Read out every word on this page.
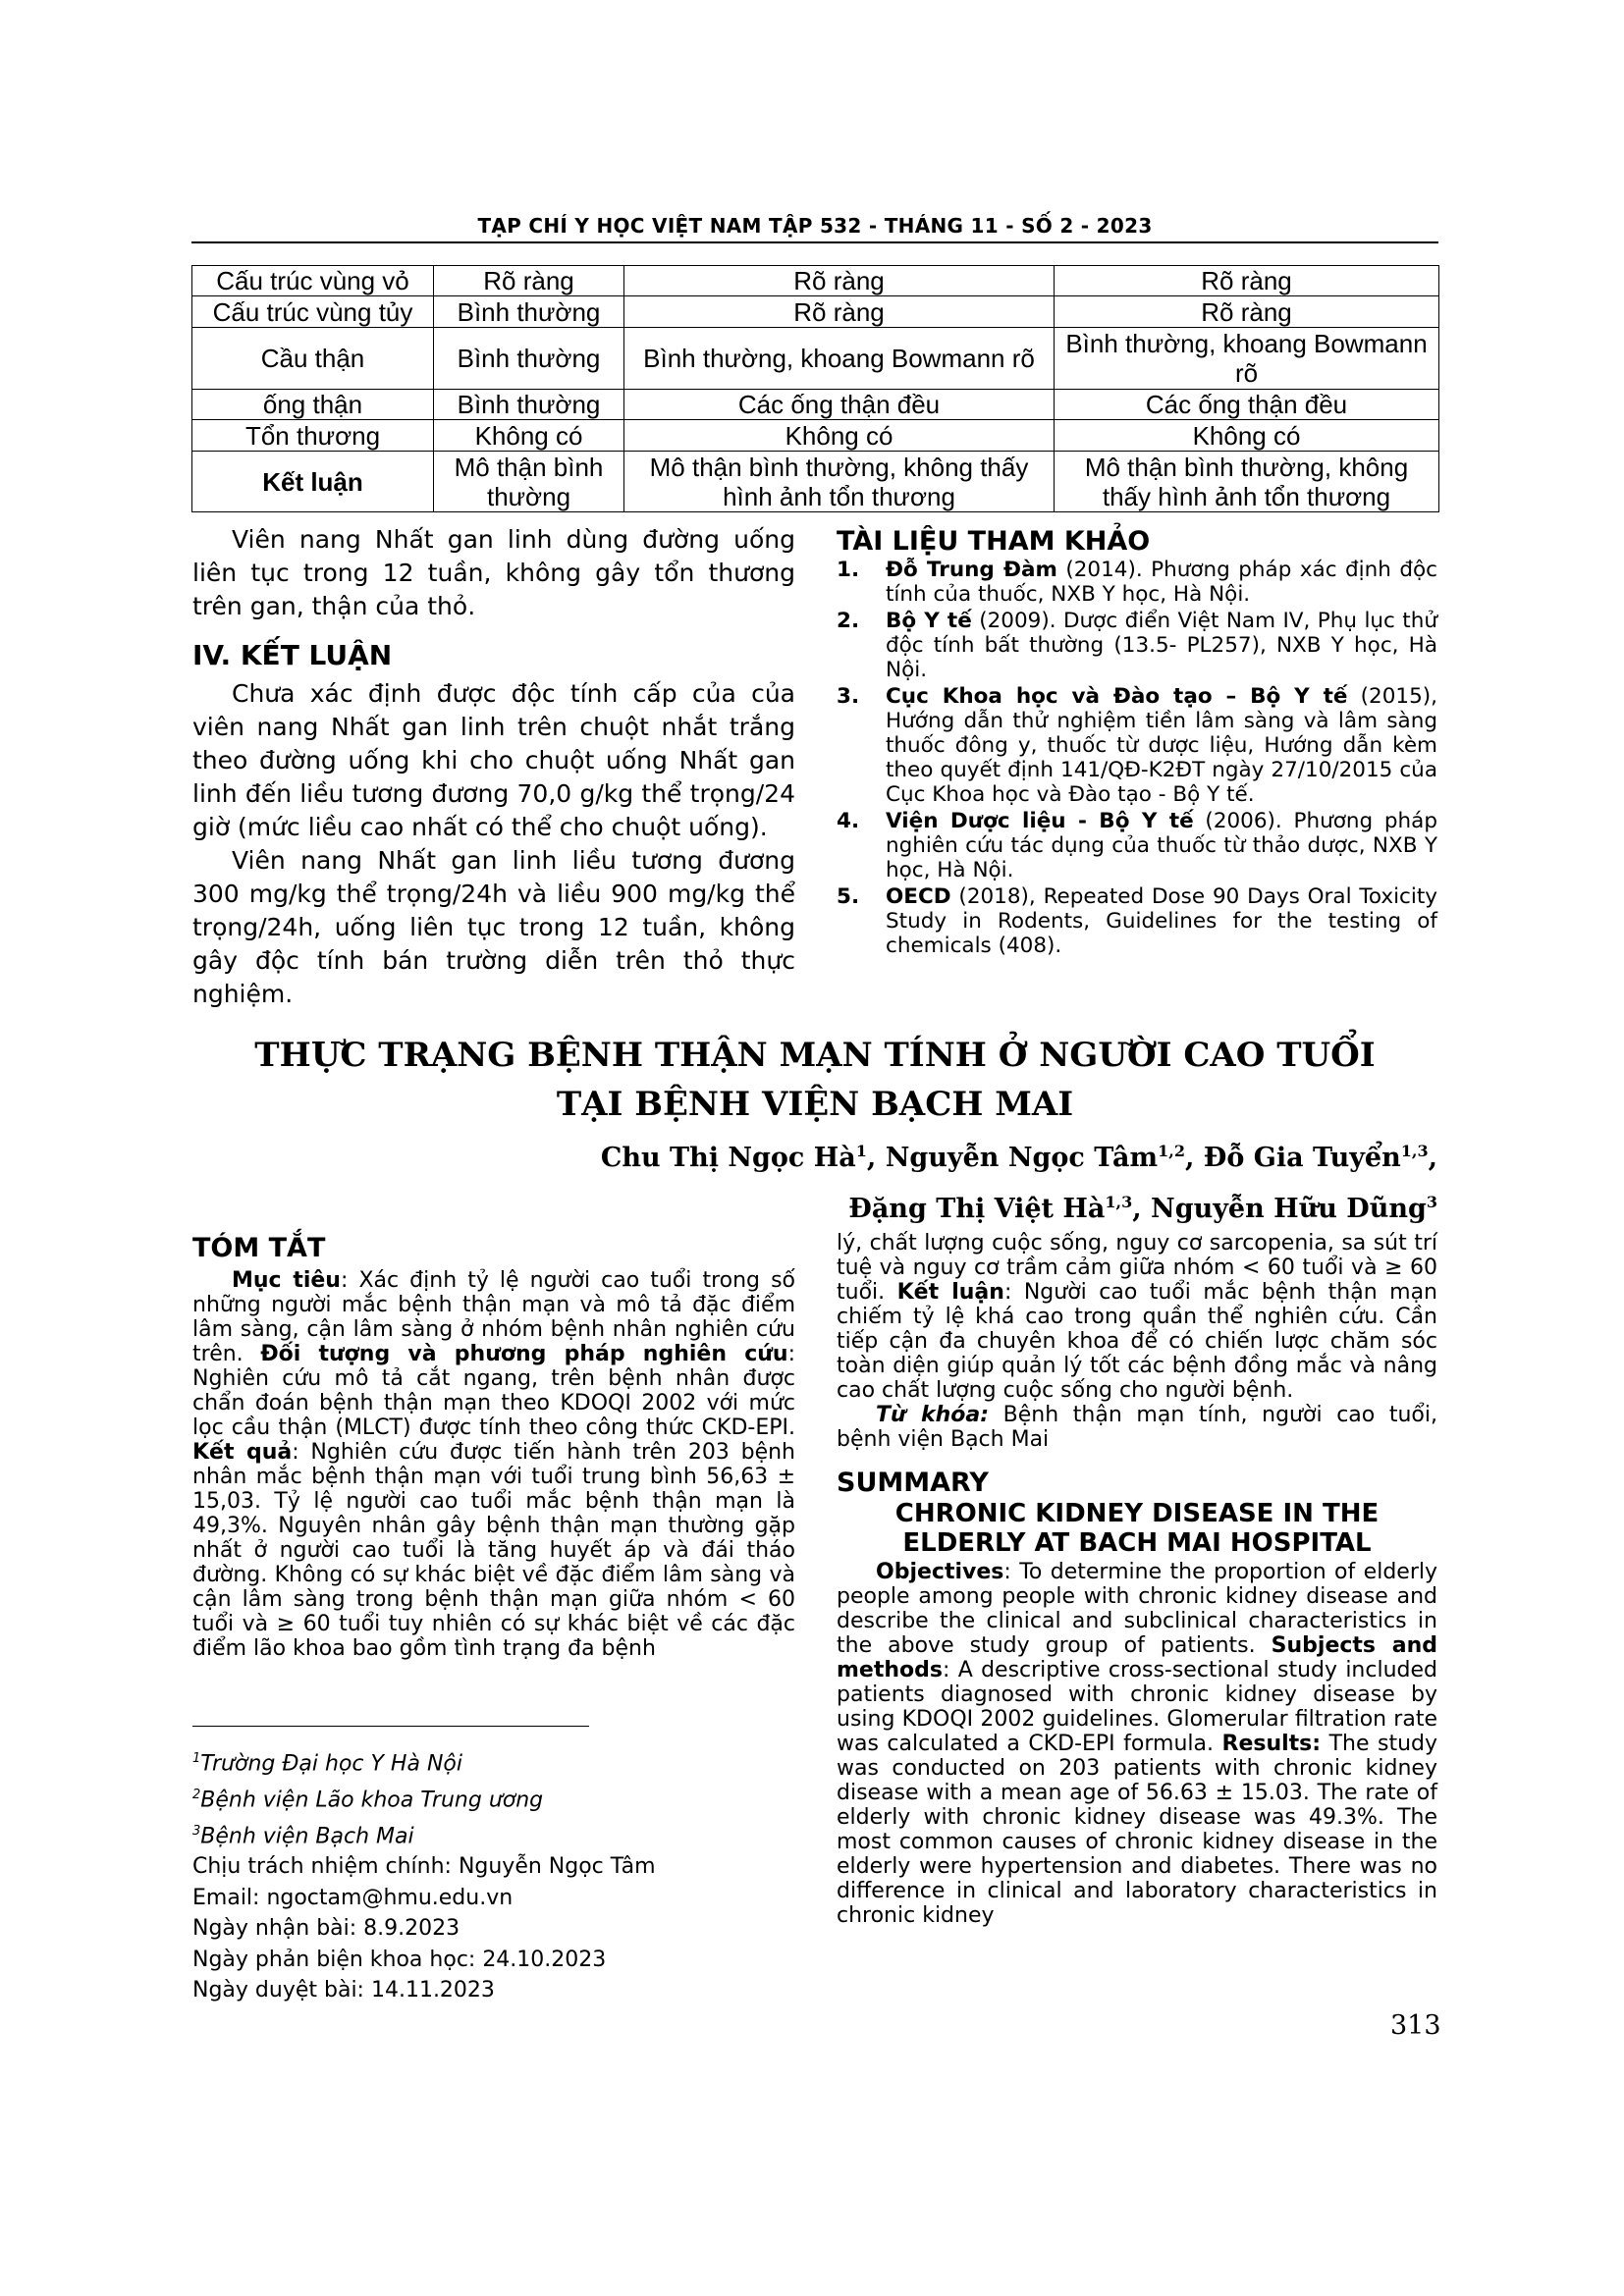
TẠP CHÍ Y HỌC VIỆT NAM TẬP 532 - THÁNG 11 - SỐ 2 - 2023
Cấu trúc vùng vỏ	Rõ ràng	Rõ ràng	Rõ ràng
Cấu trúc vùng tủy	Bình thường	Rõ ràng	Rõ ràng
Cầu thận	Bình thường	Bình thường, khoang Bowmann rõ	Bình thường, khoang Bowmann rõ
ống thận	Bình thường	Các ống thận đều	Các ống thận đều
Tổn thương	Không có	Không có	Không có
Kết luận	Mô thận bình thường	Mô thận bình thường, không thấy hình ảnh tổn thương	Mô thận bình thường, không thấy hình ảnh tổn thương

Viên nang Nhất gan linh dùng đường uống liên tục trong 12 tuần, không gây tổn thương trên gan, thận của thỏ.

IV. KẾT LUẬN

Chưa xác định được độc tính cấp của của viên nang Nhất gan linh trên chuột nhắt trắng theo đường uống khi cho chuột uống Nhất gan linh đến liều tương đương 70,0 g/kg thể trọng/24 giờ (mức liều cao nhất có thể cho chuột uống).

Viên nang Nhất gan linh liều tương đương 300 mg/kg thể trọng/24h và liều 900 mg/kg thể trọng/24h, uống liên tục trong 12 tuần, không gây độc tính bán trường diễn trên thỏ thực nghiệm.

TÀI LIỆU THAM KHẢO
1. Đỗ Trung Đàm (2014). Phương pháp xác định độc tính của thuốc, NXB Y học, Hà Nội.
2. Bộ Y tế (2009). Dược điển Việt Nam IV, Phụ lục thử độc tính bất thường (13.5- PL257), NXB Y học, Hà Nội.
3. Cục Khoa học và Đào tạo – Bộ Y tế (2015), Hướng dẫn thử nghiệm tiền lâm sàng và lâm sàng thuốc đông y, thuốc từ dược liệu, Hướng dẫn kèm theo quyết định 141/QĐ-K2ĐT ngày 27/10/2015 của Cục Khoa học và Đào tạo - Bộ Y tế.
4. Viện Dược liệu - Bộ Y tế (2006). Phương pháp nghiên cứu tác dụng của thuốc từ thảo dược, NXB Y học, Hà Nội.
5. OECD (2018), Repeated Dose 90 Days Oral Toxicity Study in Rodents, Guidelines for the testing of chemicals (408).
THỰC TRẠNG BỆNH THẬN MẠN TÍNH Ở NGƯỜI CAO TUỔI
TẠI BỆNH VIỆN BẠCH MAI
Chu Thị Ngọc $Hà^1$, Nguyễn Ngọc Tâm$^{1,2}$, Đỗ Gia Tuyển$^{1,3}$,
Đặng Thị Việt Hà$^{1,3}$, Nguyễn Hữu Dũng$^3$
TÓM TẮT

Mục tiêu: Xác định tỷ lệ người cao tuổi trong số những người mắc bệnh thận mạn và mô tả đặc điểm lâm sàng, cận lâm sàng ở nhóm bệnh nhân nghiên cứu trên. Đối tượng và phương pháp nghiên cứu: Nghiên cứu mô tả cắt ngang, trên bệnh nhân được chẩn đoán bệnh thận mạn theo KDOQI 2002 với mức lọc cầu thận (MLCT) được tính theo công thức CKD-EPI. Kết quả: Nghiên cứu được tiến hành trên 203 bệnh nhân mắc bệnh thận mạn với tuổi trung bình 56,63 ± 15,03. Tỷ lệ người cao tuổi mắc bệnh thận mạn là 49,3%. Nguyên nhân gây bệnh thận mạn thường gặp nhất ở người cao tuổi là tăng huyết áp và đái tháo đường. Không có sự khác biệt về đặc điểm lâm sàng và cận lâm sàng trong bệnh thận mạn giữa nhóm < 60 tuổi và ≥ 60 tuổi tuy nhiên có sự khác biệt về các đặc điểm lão khoa bao gồm tình trạng đa bệnh

$^1$Trường Đại học Y Hà Nội
$^2$Bệnh viện Lão khoa Trung ương
$^3$Bệnh viện Bạch Mai
Chịu trách nhiệm chính: Nguyễn Ngọc Tâm
Email: ngoctam@hmu.edu.vn
Ngày nhận bài: 8.9.2023
Ngày phản biện khoa học: 24.10.2023
Ngày duyệt bài: 14.11.2023

lý, chất lượng cuộc sống, nguy cơ sarcopenia, sa sút trí tuệ và nguy cơ trầm cảm giữa nhóm < 60 tuổi và ≥ 60 tuổi. Kết luận: Người cao tuổi mắc bệnh thận mạn chiếm tỷ lệ khá cao trong quần thể nghiên cứu. Cần tiếp cận đa chuyên khoa để có chiến lược chăm sóc toàn diện giúp quản lý tốt các bệnh đồng mắc và nâng cao chất lượng cuộc sống cho người bệnh.

Từ khóa: Bệnh thận mạn tính, người cao tuổi, bệnh viện Bạch Mai

SUMMARY

CHRONIC KIDNEY DISEASE IN THE

ELDERLY AT BACH MAI HOSPITAL

Objectives: To determine the proportion of elderly people among people with chronic kidney disease and describe the clinical and subclinical characteristics in the above study group of patients. Subjects and methods: A descriptive cross-sectional study included patients diagnosed with chronic kidney disease by using KDOQI 2002 guidelines. Glomerular filtration rate was calculated a CKD-EPI formula. Results: The study was conducted on 203 patients with chronic kidney disease with a mean age of 56.63 ± 15.03. The rate of elderly with chronic kidney disease was 49.3%. The most common causes of chronic kidney disease in the elderly were hypertension and diabetes. There was no difference in clinical and laboratory characteristics in chronic kidney

313
